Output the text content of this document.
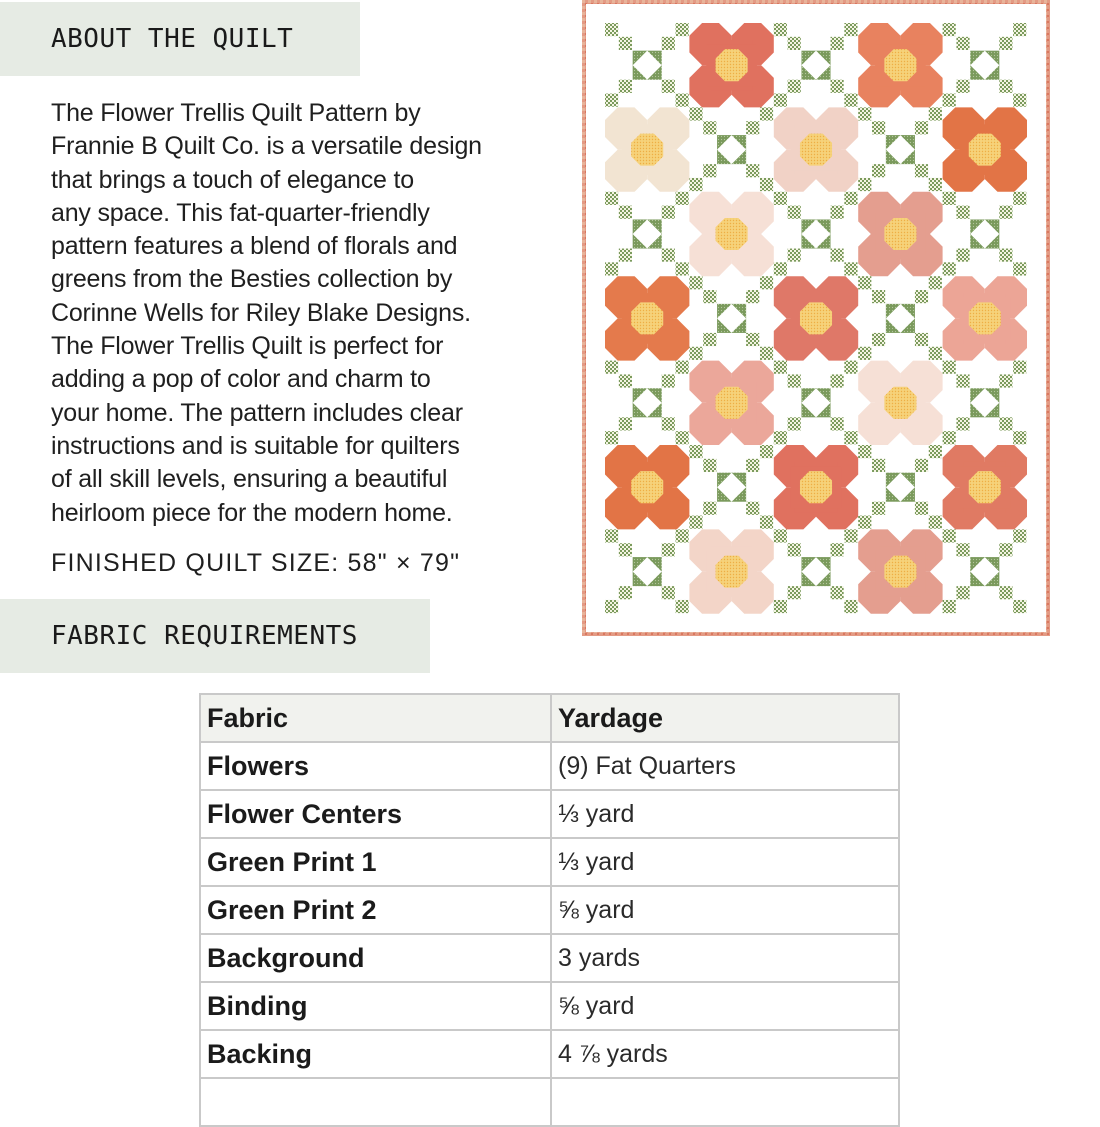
ABOUT THE QUILT
The Flower Trellis Quilt Pattern by
Frannie B Quilt Co. is a versatile design
that brings a touch of elegance to
any space. This fat-quarter-friendly
pattern features a blend of florals and
greens from the Besties collection by
Corinne Wells for Riley Blake Designs.
The Flower Trellis Quilt is perfect for
adding a pop of color and charm to
your home. The pattern includes clear
instructions and is suitable for quilters
of all skill levels, ensuring a beautiful
heirloom piece for the modern home.
FINISHED QUILT SIZE: 58" × 79"
FABRIC REQUIREMENTS
Fabric	Yardage
Flowers	(9) Fat Quarters
Flower Centers	⅓ yard
Green Print 1	⅓ yard
Green Print 2	⅝ yard
Background	3 yards
Binding	⅝ yard
Backing	4 ⅞ yards
